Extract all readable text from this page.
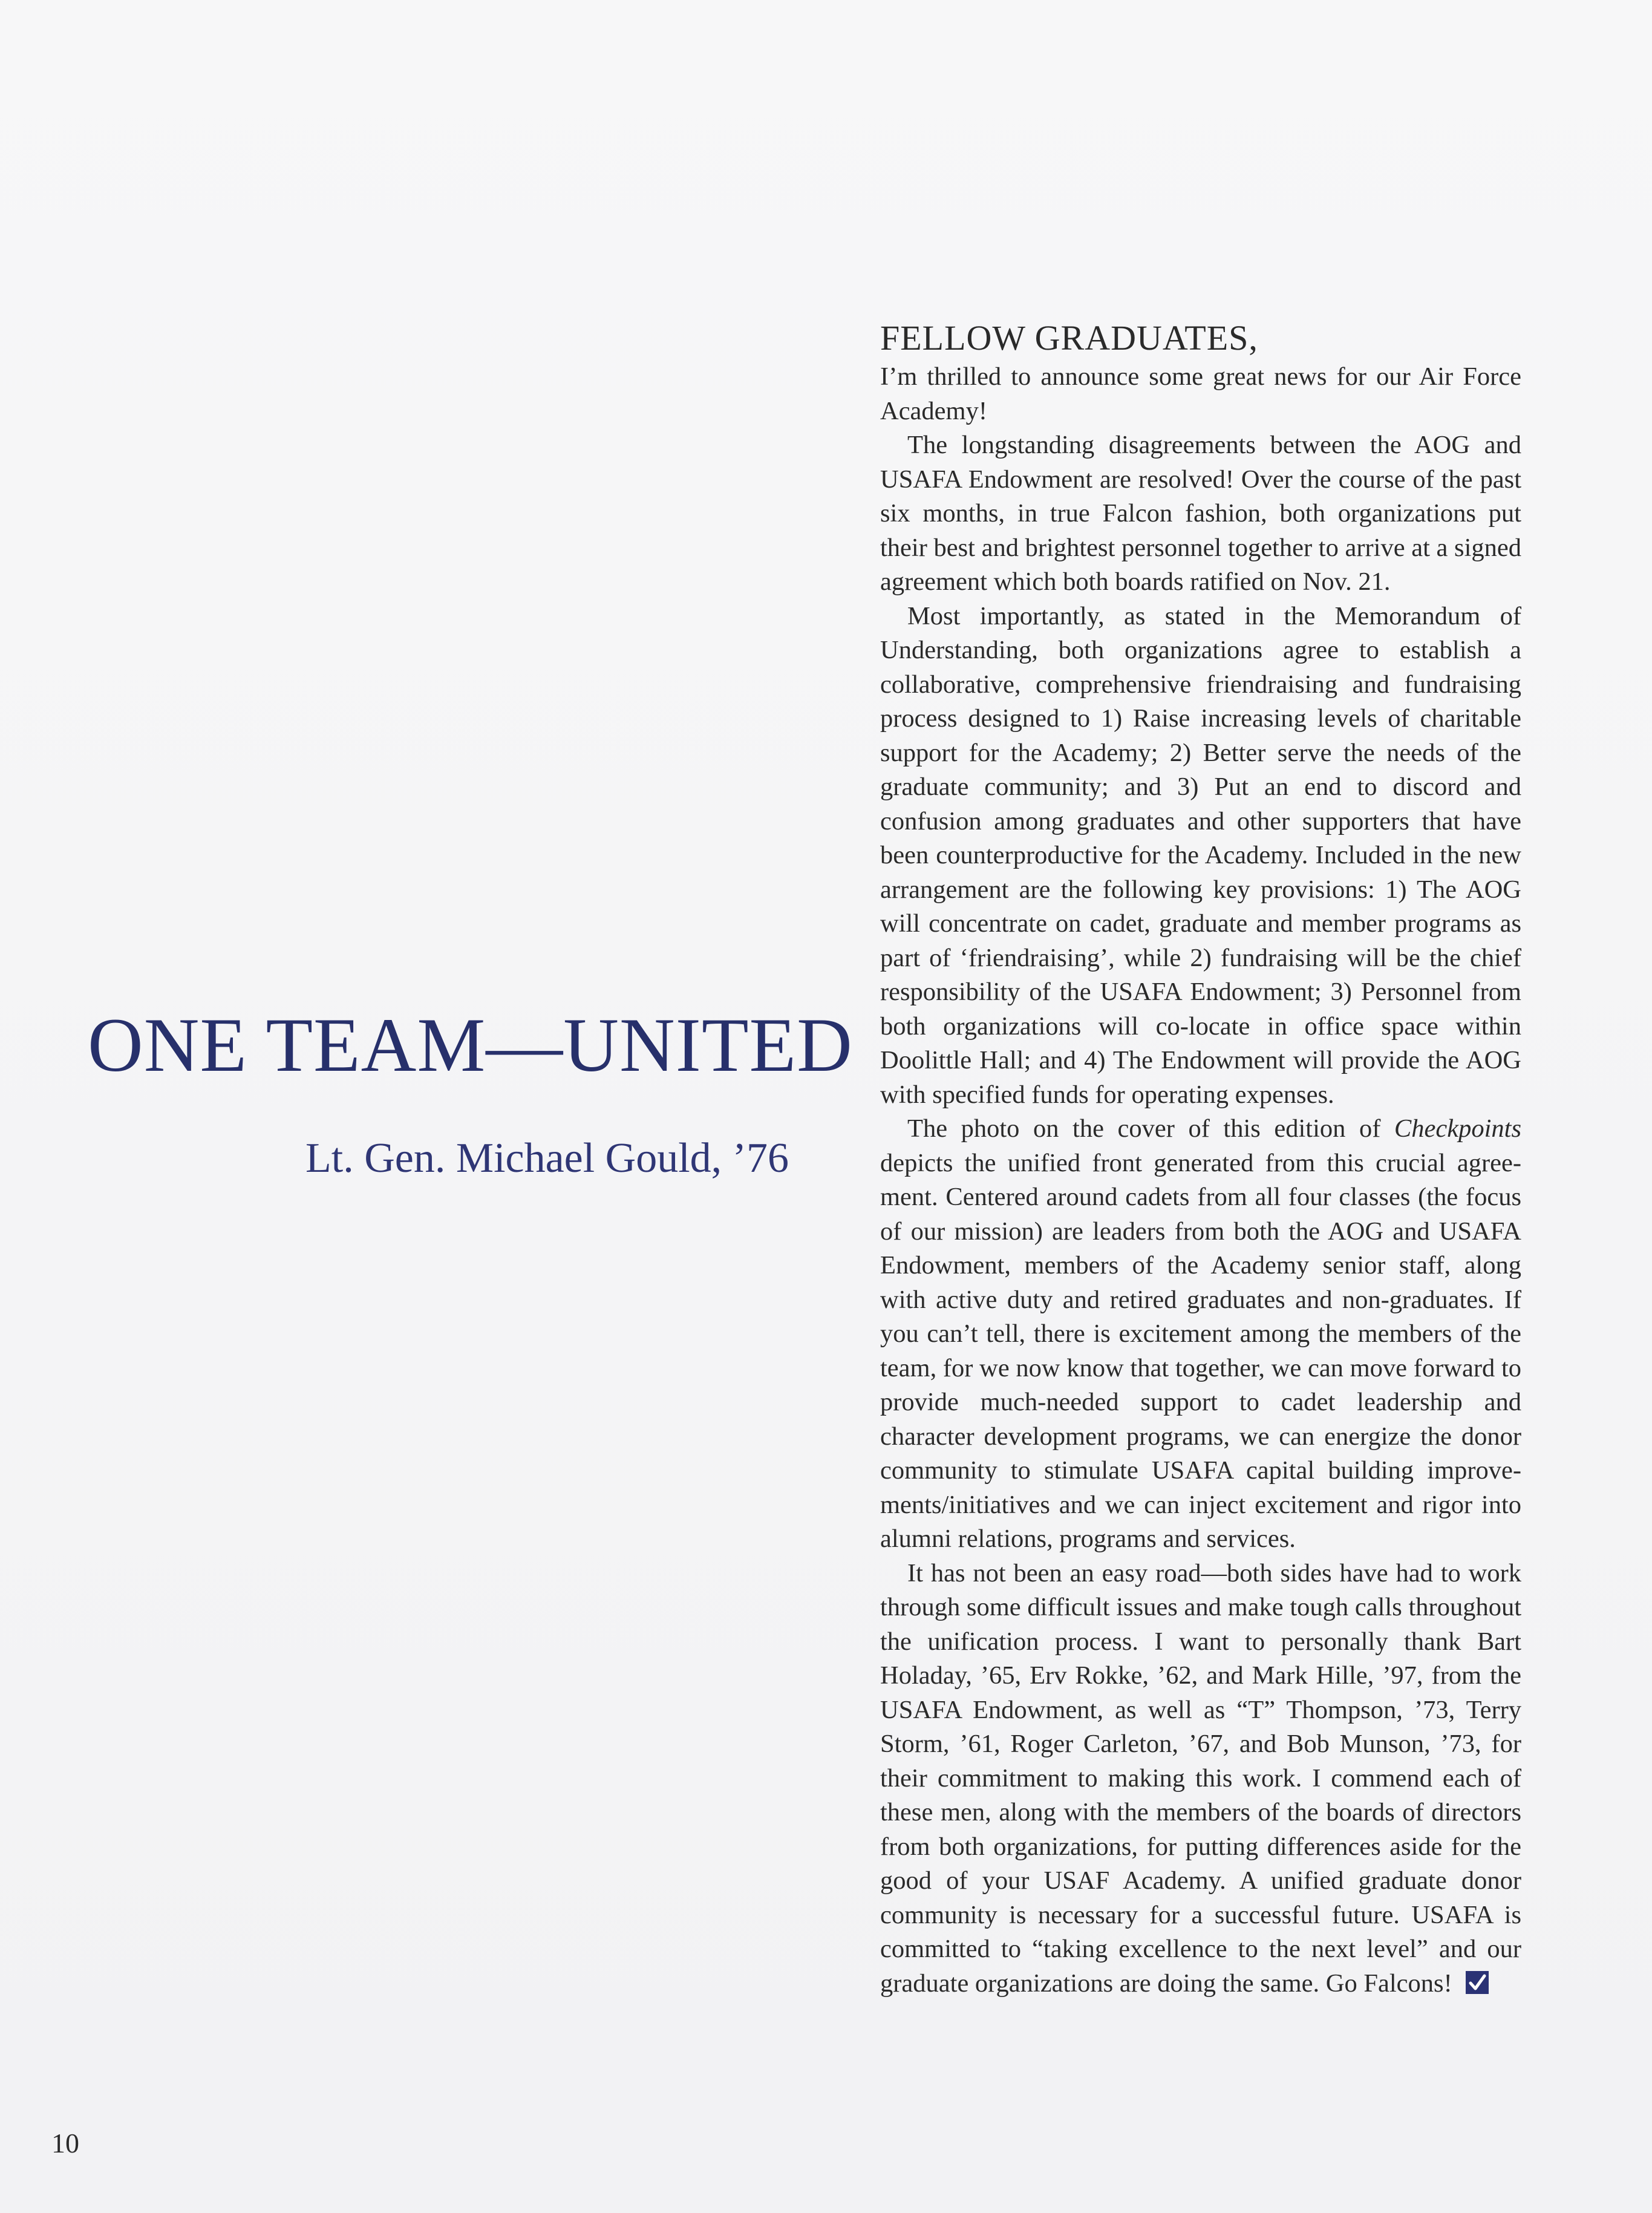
ONE TEAM—UNITED
Lt. Gen. Michael Gould, ’76
FELLOW GRADUATES,

I’m thrilled to announce some great news for our Air Force Academy!

The longstanding disagreements between the AOG and USAFA Endowment are resolved! Over the course of the past six months, in true Falcon fashion, both organizations put their best and brightest personnel together to arrive at a signed agreement which both boards ratified on Nov. 21.

Most importantly, as stated in the Memorandum of Understanding, both organizations agree to establish a collaborative, comprehensive friendraising and fundraising process designed to 1) Raise increasing levels of charitable support for the Academy; 2) Better serve the needs of the graduate community; and 3) Put an end to discord and confusion among graduates and other supporters that have been counterproductive for the Academy. Included in the new arrangement are the following key provisions: 1) The AOG will concentrate on cadet, graduate and member programs as part of ‘friendraising’, while 2) fundraising will be the chief responsibility of the USAFA Endowment; 3) Personnel from both organizations will co-locate in office space within Doolittle Hall; and 4) The Endowment will provide the AOG with specified funds for operating expenses.

The photo on the cover of this edition of Checkpoints depicts the unified front generated from this crucial agreement. Centered around cadets from all four classes (the focus of our mission) are leaders from both the AOG and USAFA Endowment, members of the Academy senior staff, along with active duty and retired graduates and non-graduates. If you can’t tell, there is excitement among the members of the team, for we now know that together, we can move forward to provide much-needed support to cadet leadership and character development programs, we can energize the donor community to stimulate USAFA capital building improvements/initiatives and we can inject excitement and rigor into alumni relations, programs and services.

It has not been an easy road—both sides have had to work through some difficult issues and make tough calls throughout the unification process. I want to personally thank Bart Holaday, ’65, Erv Rokke, ’62, and Mark Hille, ’97, from the USAFA Endowment, as well as “T” Thompson, ’73, Terry Storm, ’61, Roger Carleton, ’67, and Bob Munson, ’73, for their commitment to making this work. I commend each of these men, along with the members of the boards of directors from both organizations, for putting differences aside for the good of your USAF Academy. A unified graduate donor community is necessary for a successful future. USAFA is committed to “taking excellence to the next level” and our graduate organizations are doing the same. Go Falcons!

10
